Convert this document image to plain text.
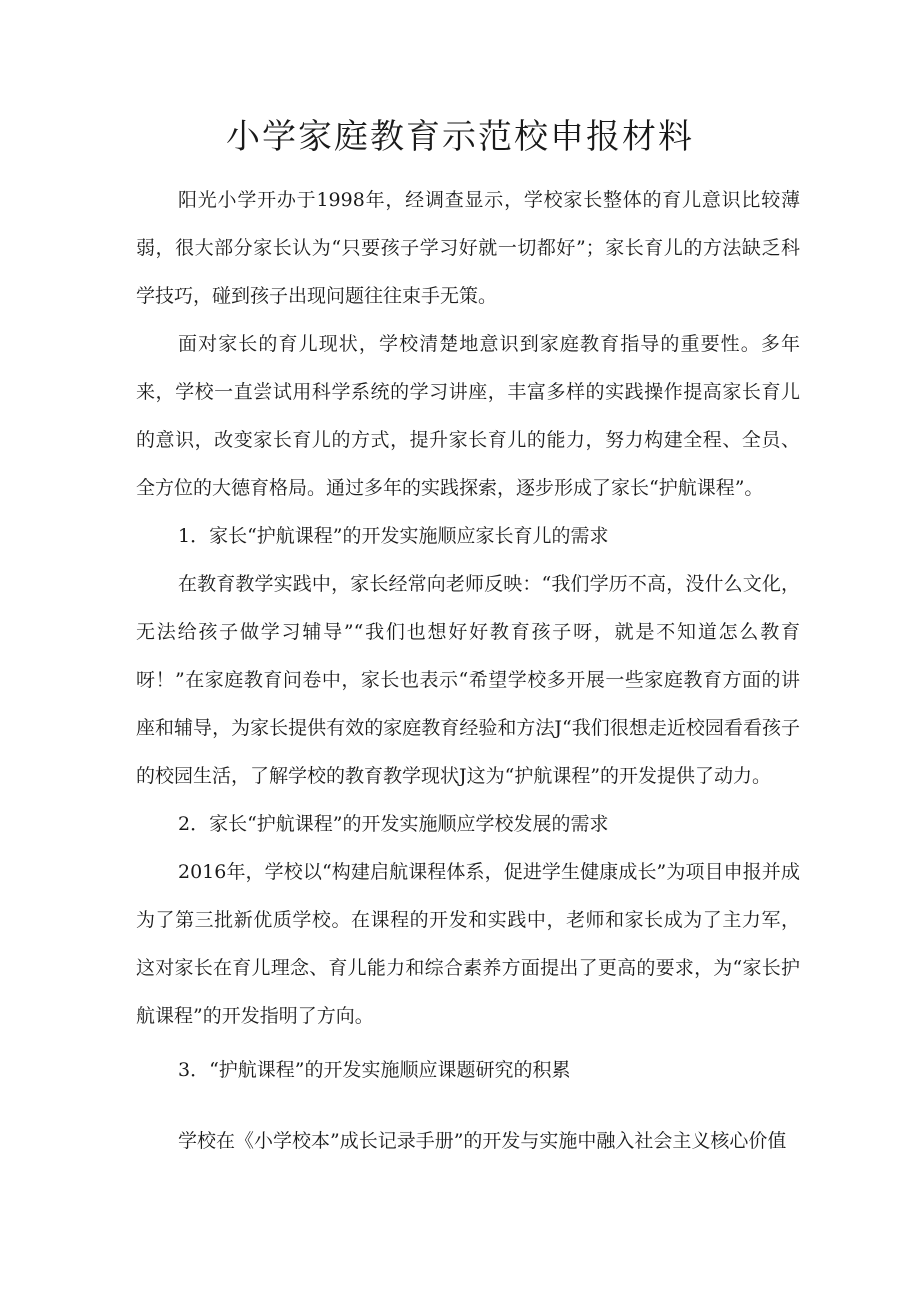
小学家庭教育示范校申报材料

阳光小学开办于1998年，经调查显示，学校家长整体的育儿意识比较薄弱，很大部分家长认为“只要孩子学习好就一切都好”；家长育儿的方法缺乏科学技巧，碰到孩子出现问题往往束手无策。

面对家长的育儿现状，学校清楚地意识到家庭教育指导的重要性。多年来，学校一直尝试用科学系统的学习讲座，丰富多样的实践操作提高家长育儿的意识，改变家长育儿的方式，提升家长育儿的能力，努力构建全程、全员、全方位的大德育格局。通过多年的实践探索，逐步形成了家长“护航课程”。

1．家长“护航课程”的开发实施顺应家长育儿的需求

在教育教学实践中，家长经常向老师反映：“我们学历不高，没什么文化，无法给孩子做学习辅导”“我们也想好好教育孩子呀，就是不知道怎么教育呀！”在家庭教育问卷中，家长也表示“希望学校多开展一些家庭教育方面的讲座和辅导，为家长提供有效的家庭教育经验和方法J“我们很想走近校园看看孩子的校园生活，了解学校的教育教学现状J这为“护航课程”的开发提供了动力。

2．家长“护航课程”的开发实施顺应学校发展的需求

2016年，学校以“构建启航课程体系，促进学生健康成长”为项目申报并成为了第三批新优质学校。在课程的开发和实践中，老师和家长成为了主力军，这对家长在育儿理念、育儿能力和综合素养方面提出了更高的要求，为“家长护航课程”的开发指明了方向。

3．“护航课程”的开发实施顺应课题研究的积累

学校在《小学校本”成长记录手册”的开发与实施中融入社会主义核心价值
